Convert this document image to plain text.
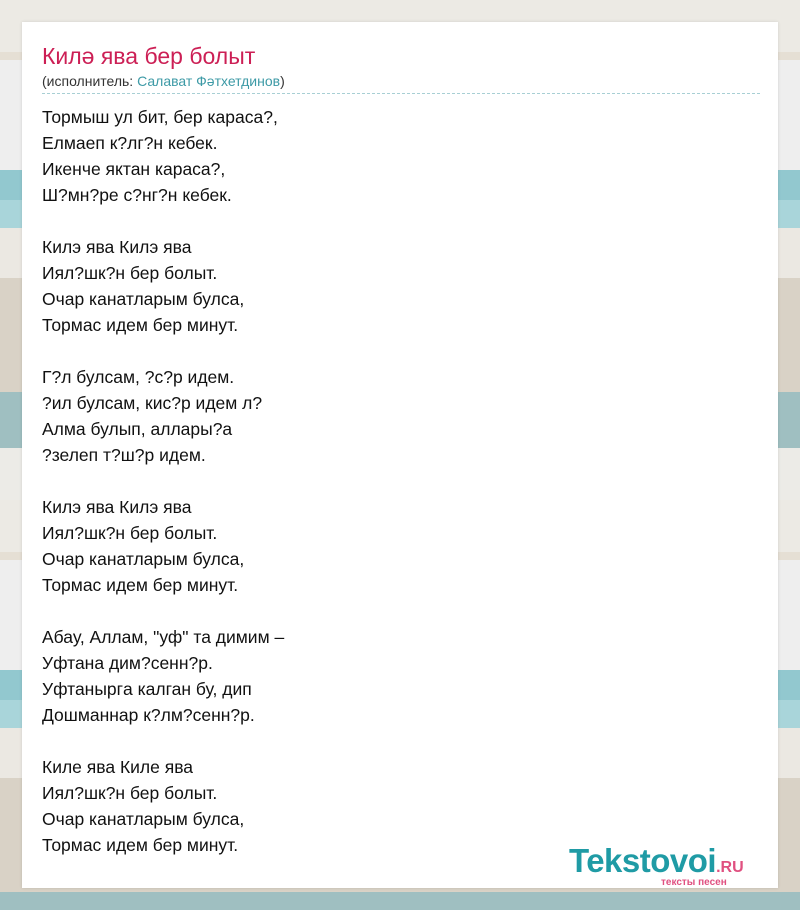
Килә ява бер болыт
(исполнитель: Салават Фәтхетдинов)
Тормыш ул бит, бер караса?,
Елмаеп к?лг?н кебек.
Икенче яктан караса?,
Ш?мн?ре с?нг?н кебек.
Килэ ява Килэ ява
Иял?шк?н бер болыт.
Очар канатларым булса,
Тормас идем бер минут.
Г?л булсам, ?с?р идем.
?ил булсам, кис?р идем л?
Алма булып, аллары?а
?зелеп т?ш?р идем.
Килэ ява Килэ ява
Иял?шк?н бер болыт.
Очар канатларым булса,
Тормас идем бер минут.
Абау, Аллам, "уф" та димим –
Уфтана дим?сенн?р.
Уфтаныргa калган бу, дип
Дошманнар к?лм?сенн?р.
Киле ява Киле ява
Иял?шк?н бер болыт.
Очар канатларым булса,
Тормас идем бер минут.	Tekstovoi.RU
тексты песен
